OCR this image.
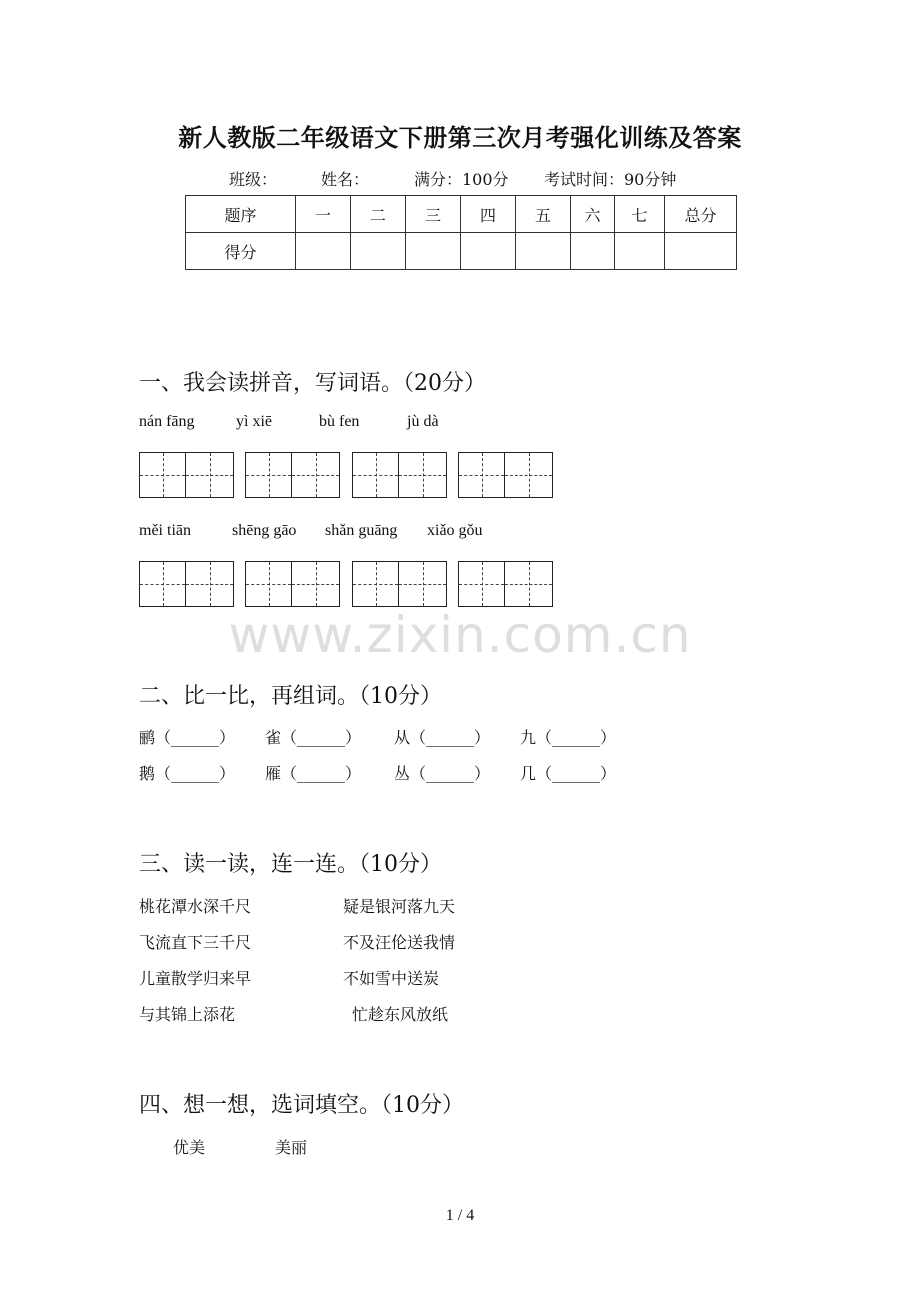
新人教版二年级语文下册第三次月考强化训练及答案
班级：	姓名：	满分：100分 考试时间：90分钟
题序	一	二	三	四	五	六	七	总分
得分								
一、我会读拼音，写词语。（20分）
nán fāng	yì xiē	bù fen	jù dà
měi tiān	shēng gāo shǎn guāng xiǎo gǒu
www.zixin.com.cn
二、比一比，再组词。（10分）
鹂（______） 雀（______） 从（______） 九（______）
鹅（______） 雁（______） 丛（______） 几（______）
三、读一读，连一连。（10分）
桃花潭水深千尺	疑是银河落九天
飞流直下三千尺	不及汪伦送我情
儿童散学归来早	不如雪中送炭
与其锦上添花	忙趁东风放纸
四、想一想，选词填空。（10分）
优美	美丽
1 / 4
